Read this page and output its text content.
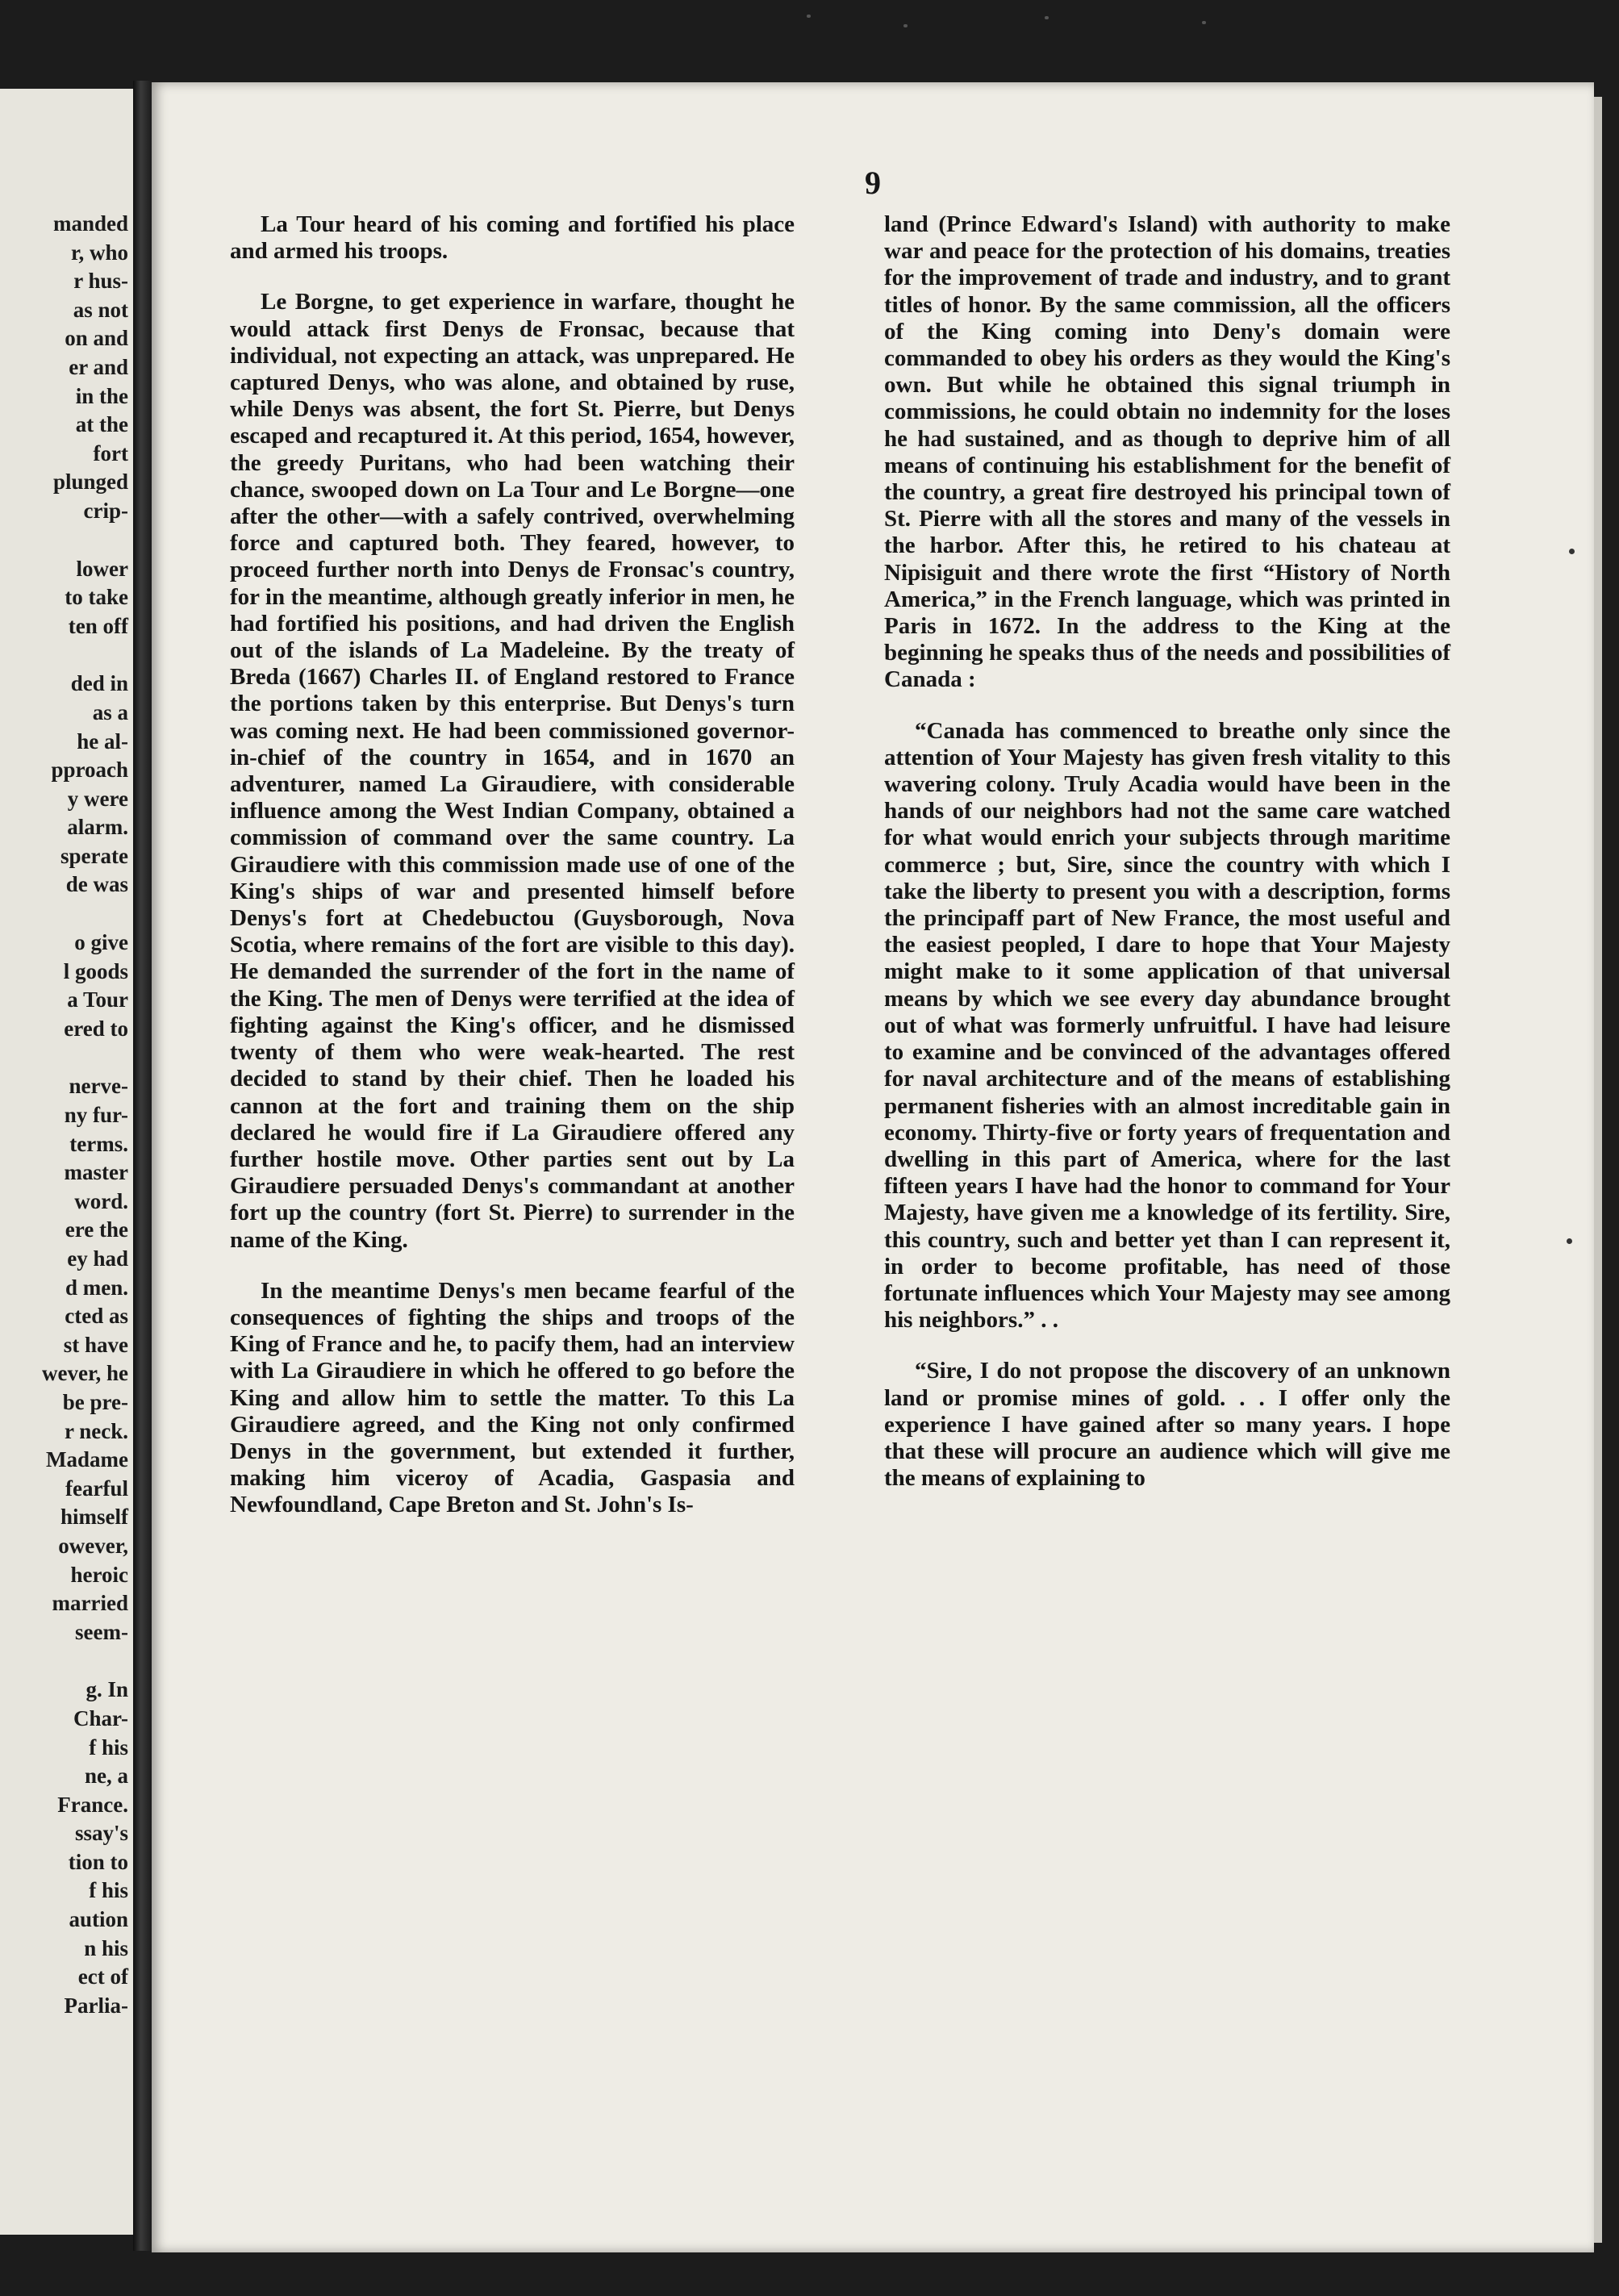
manded
r, who
r hus-
as not
on and
er and
in the
at the
fort
plunged
crip-
lower
to take
ten off
ded in
as a
he al-
pproach
y were
alarm.
sperate
de was
o give
l goods
a Tour
ered to
nerve-
ny fur-
terms.
master
word.
ere the
ey had
d men.
cted as
st have
wever, he
be pre-
r neck.
Madame
fearful
himself
owever,
heroic
married
seem-
g. In
Char-
f his
ne, a
France.
ssay's
tion to
f his
aution
n his
ect of
Parlia-
9

La Tour heard of his coming and fortified his place and armed his troops.

Le Borgne, to get experience in warfare, thought he would attack first Denys de Fronsac, because that individual, not expecting an attack, was unprepared. He captured Denys, who was alone, and obtained by ruse, while Denys was absent, the fort St. Pierre, but Denys escaped and recaptured it. At this period, 1654, however, the greedy Puritans, who had been watching their chance, swooped down on La Tour and Le Borgne—one after the other—with a safely contrived, overwhelming force and captured both. They feared, however, to proceed further north into Denys de Fronsac's country, for in the meantime, although greatly inferior in men, he had fortified his positions, and had driven the English out of the islands of La Madeleine. By the treaty of Breda (1667) Charles II. of England restored to France the portions taken by this enterprise. But Denys's turn was coming next. He had been commissioned governor-in-chief of the country in 1654, and in 1670 an adventurer, named La Giraudiere, with considerable influence among the West Indian Company, obtained a commission of command over the same country. La Giraudiere with this commission made use of one of the King's ships of war and presented himself before Denys's fort at Chedebuctou (Guysborough, Nova Scotia, where remains of the fort are visible to this day). He demanded the surrender of the fort in the name of the King. The men of Denys were terrified at the idea of fighting against the King's officer, and he dismissed twenty of them who were weak-hearted. The rest decided to stand by their chief. Then he loaded his cannon at the fort and training them on the ship declared he would fire if La Giraudiere offered any further hostile move. Other parties sent out by La Giraudiere persuaded Denys's commandant at another fort up the country (fort St. Pierre) to surrender in the name of the King.

In the meantime Denys's men became fearful of the consequences of fighting the ships and troops of the King of France and he, to pacify them, had an interview with La Giraudiere in which he offered to go before the King and allow him to settle the matter. To this La Giraudiere agreed, and the King not only confirmed Denys in the government, but extended it further, making him viceroy of Acadia, Gaspasia and Newfoundland, Cape Breton and St. John's Is-

land (Prince Edward's Island) with authority to make war and peace for the protection of his domains, treaties for the improvement of trade and industry, and to grant titles of honor. By the same commission, all the officers of the King coming into Deny's domain were commanded to obey his orders as they would the King's own. But while he obtained this signal triumph in commissions, he could obtain no indemnity for the loses he had sustained, and as though to deprive him of all means of continuing his establishment for the benefit of the country, a great fire destroyed his principal town of St. Pierre with all the stores and many of the vessels in the harbor. After this, he retired to his chateau at Nipisiguit and there wrote the first “History of North America,” in the French language, which was printed in Paris in 1672. In the address to the King at the beginning he speaks thus of the needs and possibilities of Canada :

“Canada has commenced to breathe only since the attention of Your Majesty has given fresh vitality to this wavering colony. Truly Acadia would have been in the hands of our neighbors had not the same care watched for what would enrich your subjects through maritime commerce ; but, Sire, since the country with which I take the liberty to present you with a description, forms the principaff part of New France, the most useful and the easiest peopled, I dare to hope that Your Majesty might make to it some application of that universal means by which we see every day abundance brought out of what was formerly unfruitful. I have had leisure to examine and be convinced of the advantages offered for naval architecture and of the means of establishing permanent fisheries with an almost increditable gain in economy. Thirty-five or forty years of frequentation and dwelling in this part of America, where for the last fifteen years I have had the honor to command for Your Majesty, have given me a knowledge of its fertility. Sire, this country, such and better yet than I can represent it, in order to become profitable, has need of those fortunate influences which Your Majesty may see among his neighbors.” . .

“Sire, I do not propose the discovery of an unknown land or promise mines of gold. . . I offer only the experience I have gained after so many years. I hope that these will procure an audience which will give me the means of explaining to
